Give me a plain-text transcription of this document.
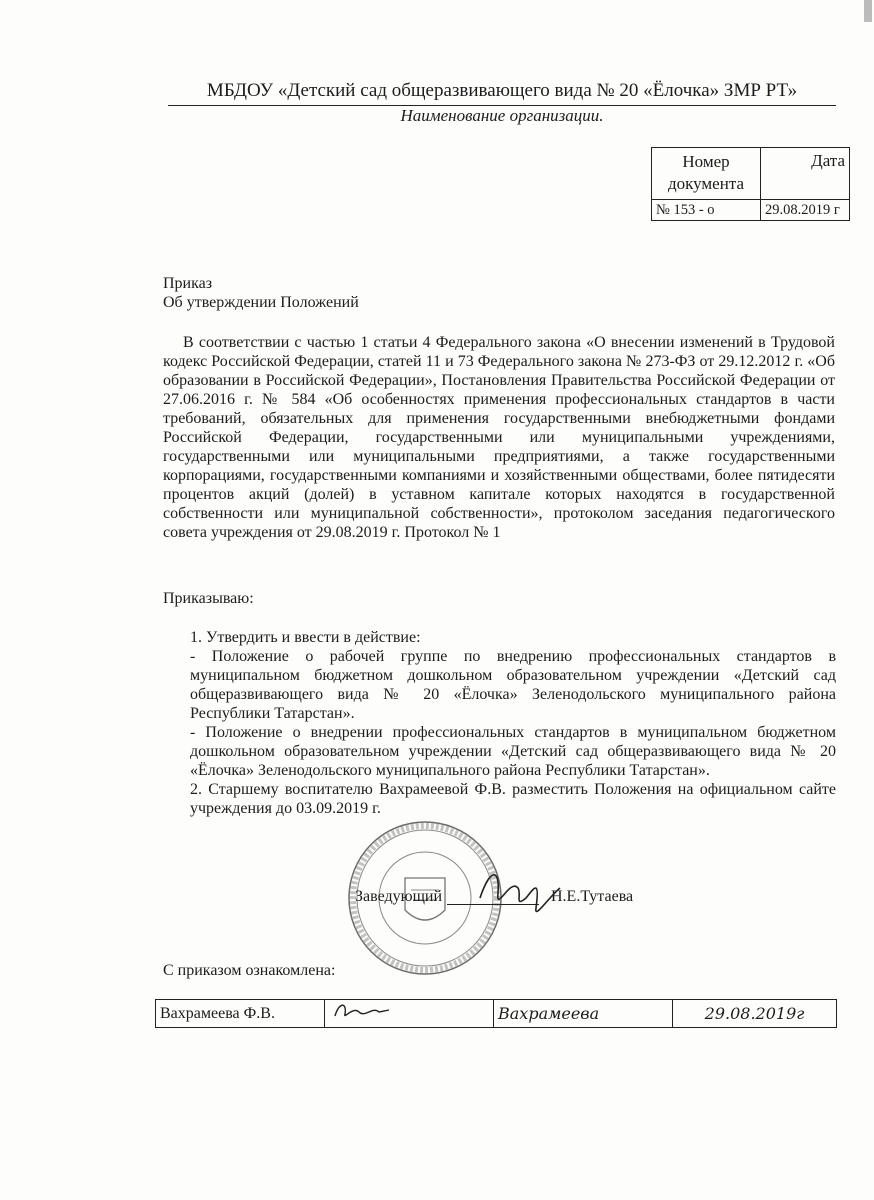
МБДОУ «Детский сад общеразвивающего вида № 20 «Ёлочка» ЗМР РТ»
Наименование организации.
Номер документа	Дата
№ 153 - о	29.08.2019 г
Приказ
Об утверждении Положений
В соответствии с частью 1 статьи 4 Федерального закона «О внесении изменений в Трудовой кодекс Российской Федерации, статей 11 и 73 Федерального закона № 273-ФЗ от 29.12.2012 г. «Об образовании в Российской Федерации», Постановления Правительства Российской Федерации от 27.06.2016 г. № 584 «Об особенностях применения профессиональных стандартов в части требований, обязательных для применения государственными внебюджетными фондами Российской Федерации, государственными или муниципальными учреждениями, государственными или муниципальными предприятиями, а также государственными корпорациями, государственными компаниями и хозяйственными обществами, более пятидесяти процентов акций (долей) в уставном капитале которых находятся в государственной собственности или муниципальной собственности», протоколом заседания педагогического совета учреждения от 29.08.2019 г. Протокол № 1
Приказываю:

1. Утвердить и ввести в действие:

- Положение о рабочей группе по внедрению профессиональных стандартов в муниципальном бюджетном дошкольном образовательном учреждении «Детский сад общеразвивающего вида № 20 «Ёлочка» Зеленодольского муниципального района Республики Татарстан».

- Положение о внедрении профессиональных стандартов в муниципальном бюджетном дошкольном образовательном учреждении «Детский сад общеразвивающего вида № 20 «Ёлочка» Зеленодольского муниципального района Республики Татарстан».

2. Старшему воспитателю Вахрамеевой Ф.В. разместить Положения на официальном сайте учреждения до 03.09.2019 г.

Заведующий	Н.Е.Тутаева
С приказом ознакомлена:
Вахрамеева Ф.В.		Вахрамеева	29.08.2019г
